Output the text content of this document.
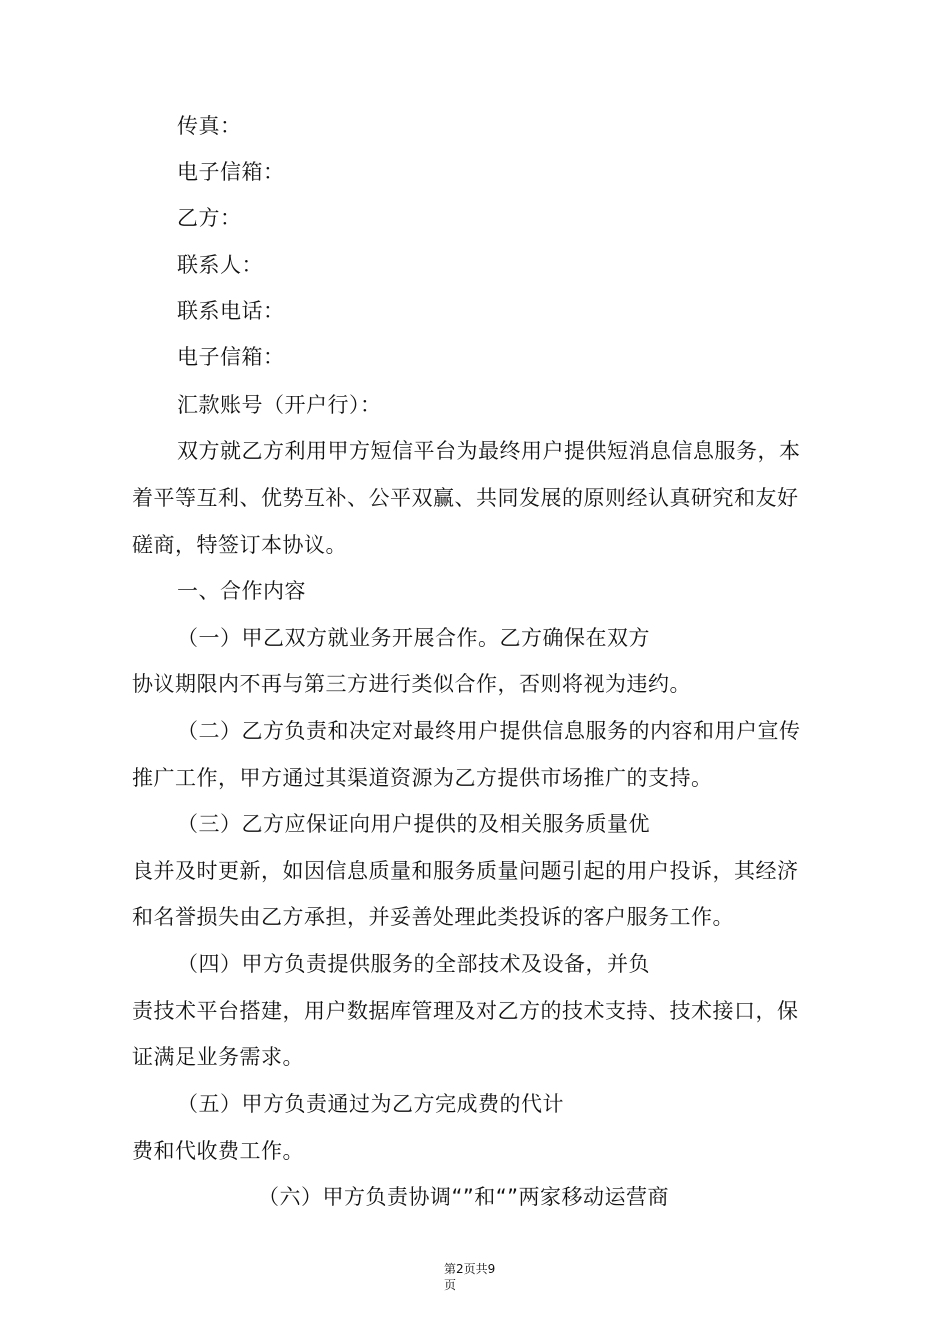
传真：
电子信箱：
乙方：
联系人：
联系电话：
电子信箱：
汇款账号（开户行）：
双方就乙方利用甲方短信平台为最终用户提供短消息信息服务，本
着平等互利、优势互补、公平双赢、共同发展的原则经认真研究和友好
磋商，特签订本协议。
一、合作内容
（一）甲乙双方就业务开展合作。乙方确保在双方
协议期限内不再与第三方进行类似合作，否则将视为违约。
（二）乙方负责和决定对最终用户提供信息服务的内容和用户宣传
推广工作，甲方通过其渠道资源为乙方提供市场推广的支持。
（三）乙方应保证向用户提供的及相关服务质量优
良并及时更新，如因信息质量和服务质量问题引起的用户投诉，其经济
和名誉损失由乙方承担，并妥善处理此类投诉的客户服务工作。
（四）甲方负责提供服务的全部技术及设备，并负
责技术平台搭建，用户数据库管理及对乙方的技术支持、技术接口，保
证满足业务需求。
（五）甲方负责通过为乙方完成费的代计
费和代收费工作。
（六）甲方负责协调“”和“”两家移动运营商
第2页共9
页
